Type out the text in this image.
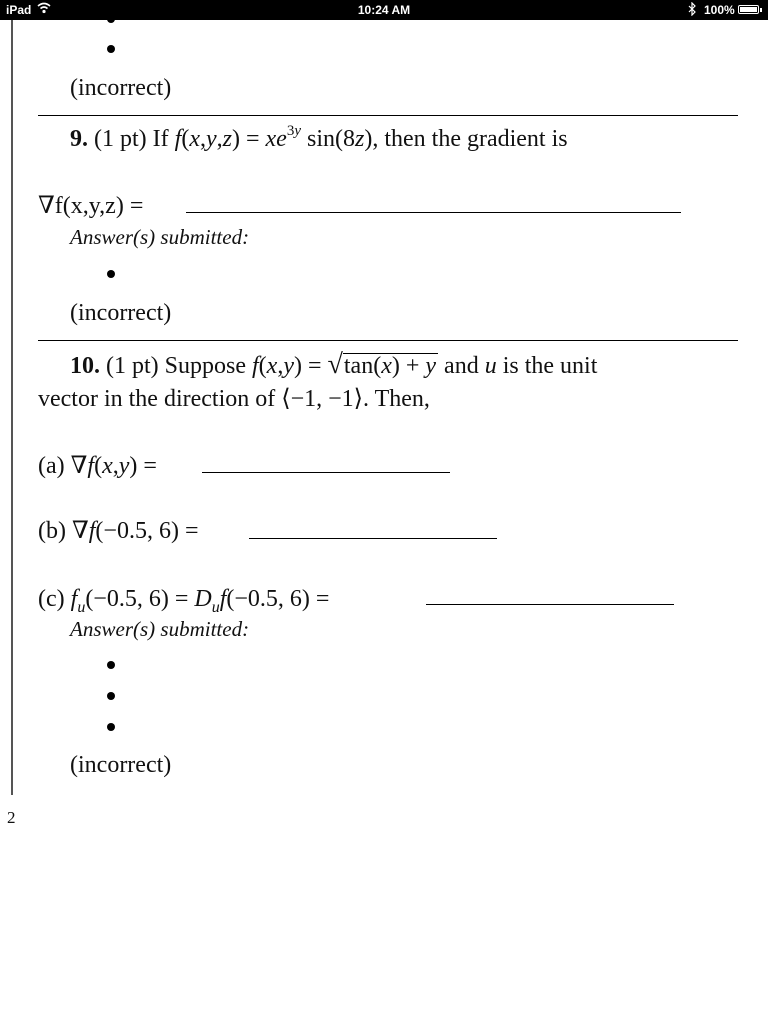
iPad	10:24 AM	100%
(incorrect)
9. (1 pt) If $f(x,y,z) = xe^{3y}$ sin(8z), then the gradient is
∇f(x,y,z) =
Answer(s) submitted:
(incorrect)
10. (1 pt) Suppose f(x,y) = √tan(x) + y and u is the unit
vector in the direction of ⟨−1, −1⟩. Then,
(a) ∇f(x,y) =
(b) ∇f(−0.5, 6) =
(c) $f_u(-0.5$, $6) = D_uf(-0.5$, 6) =
Answer(s) submitted:
(incorrect)
2
